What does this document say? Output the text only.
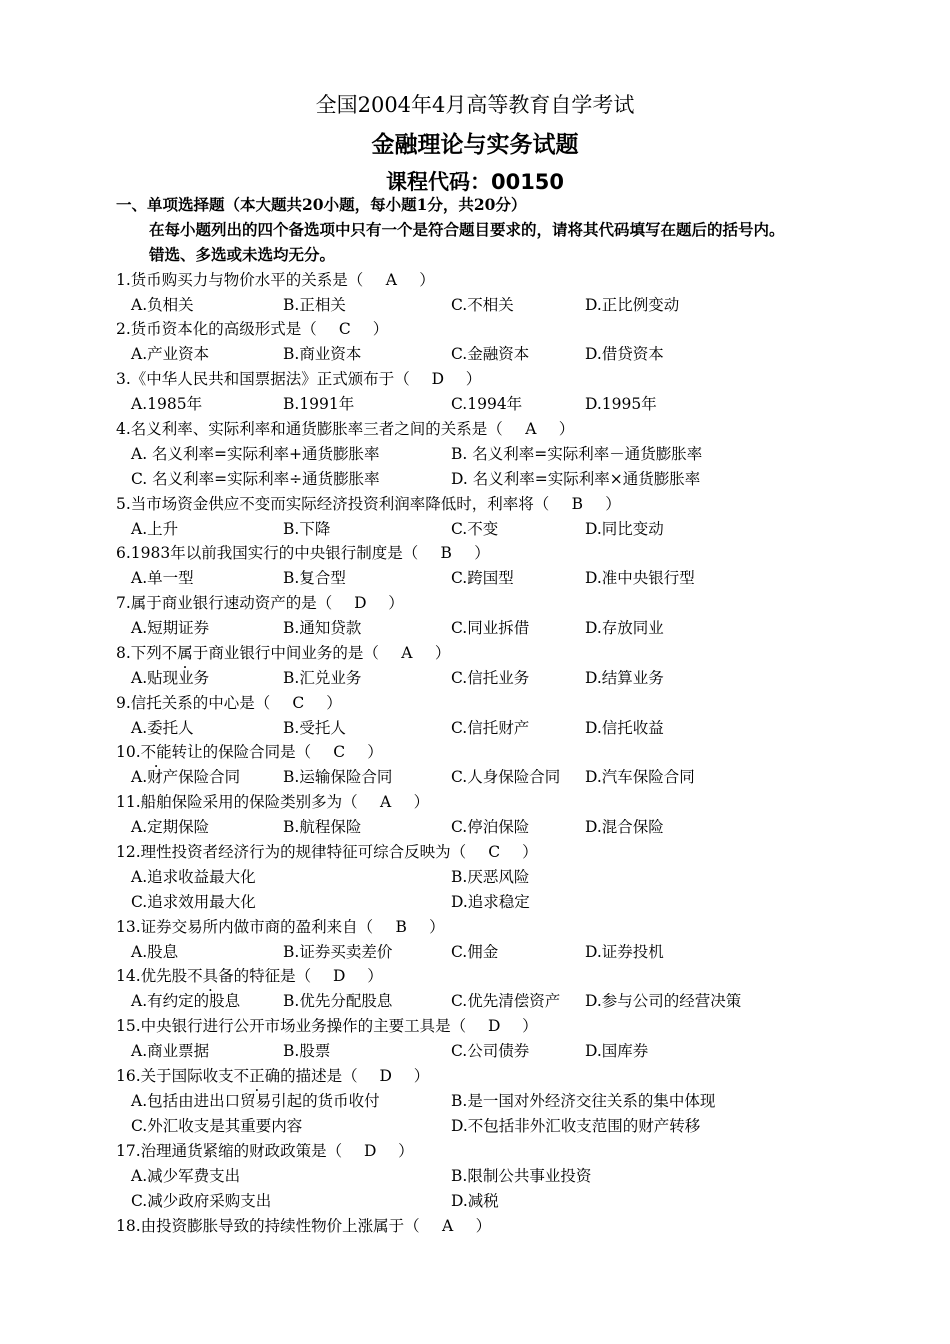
全国2004年4月高等教育自学考试
金融理论与实务试题
课程代码：00150
一、单项选择题（本大题共20小题，每小题1分，共20分）
在每小题列出的四个备选项中只有一个是符合题目要求的，请将其代码填写在题后的括号内。
错选、多选或未选均无分。
1.货币购买力与物价水平的关系是（ A ）
A.负相关	B.正相关	C.不相关	D.正比例变动
2.货币资本化的高级形式是（ C ）
A.产业资本	B.商业资本	C.金融资本	D.借贷资本
3.《中华人民共和国票据法》正式颁布于（ D ）
A.1985年	B.1991年	C.1994年	D.1995年
4.名义利率、实际利率和通货膨胀率三者之间的关系是（ A ）
A. 名义利率=实际利率+通货膨胀率	B. 名义利率=实际利率－通货膨胀率
C. 名义利率=实际利率÷通货膨胀率	D. 名义利率=实际利率×通货膨胀率
5.当市场资金供应不变而实际经济投资利润率降低时，利率将（ B ）
A.上升	B.下降	C.不变	D.同比变动
6.1983年以前我国实行的中央银行制度是（ B ）
A.单一型	B.复合型	C.跨国型	D.准中央银行型
7.属于商业银行速动资产的是（ D ）
A.短期证券	B.通知贷款	C.同业拆借	D.存放同业
8.下列不属于商业银行中间业务的是（ A ）
A.贴现业务	B.汇兑业务	C.信托业务	D.结算业务
9.信托关系的中心是（ C ）
A.委托人	B.受托人	C.信托财产	D.信托收益
10.不能转让的保险合同是（ C ）
A.财产保险合同	B.运输保险合同	C.人身保险合同 D.汽车保险合同
11.船舶保险采用的保险类别多为（ A ）
A.定期保险	B.航程保险	C.停泊保险	D.混合保险
12.理性投资者经济行为的规律特征可综合反映为（ C ）
A.追求收益最大化	B.厌恶风险
C.追求效用最大化	D.追求稳定
13.证券交易所内做市商的盈利来自（ B ）
A.股息	B.证券买卖差价	C.佣金	D.证券投机
14.优先股不具备的特征是（ D ）
A.有约定的股息	B.优先分配股息	C.优先清偿资产 D.参与公司的经营决策
15.中央银行进行公开市场业务操作的主要工具是（ D ）
A.商业票据	B.股票	C.公司债券	D.国库券
16.关于国际收支不正确的描述是（ D ）
A.包括由进出口贸易引起的货币收付	B.是一国对外经济交往关系的集中体现
C.外汇收支是其重要内容	D.不包括非外汇收支范围的财产转移
17.治理通货紧缩的财政政策是（ D ）
A.减少军费支出	B.限制公共事业投资
C.减少政府采购支出	D.减税
18.由投资膨胀导致的持续性物价上涨属于（ A ）
